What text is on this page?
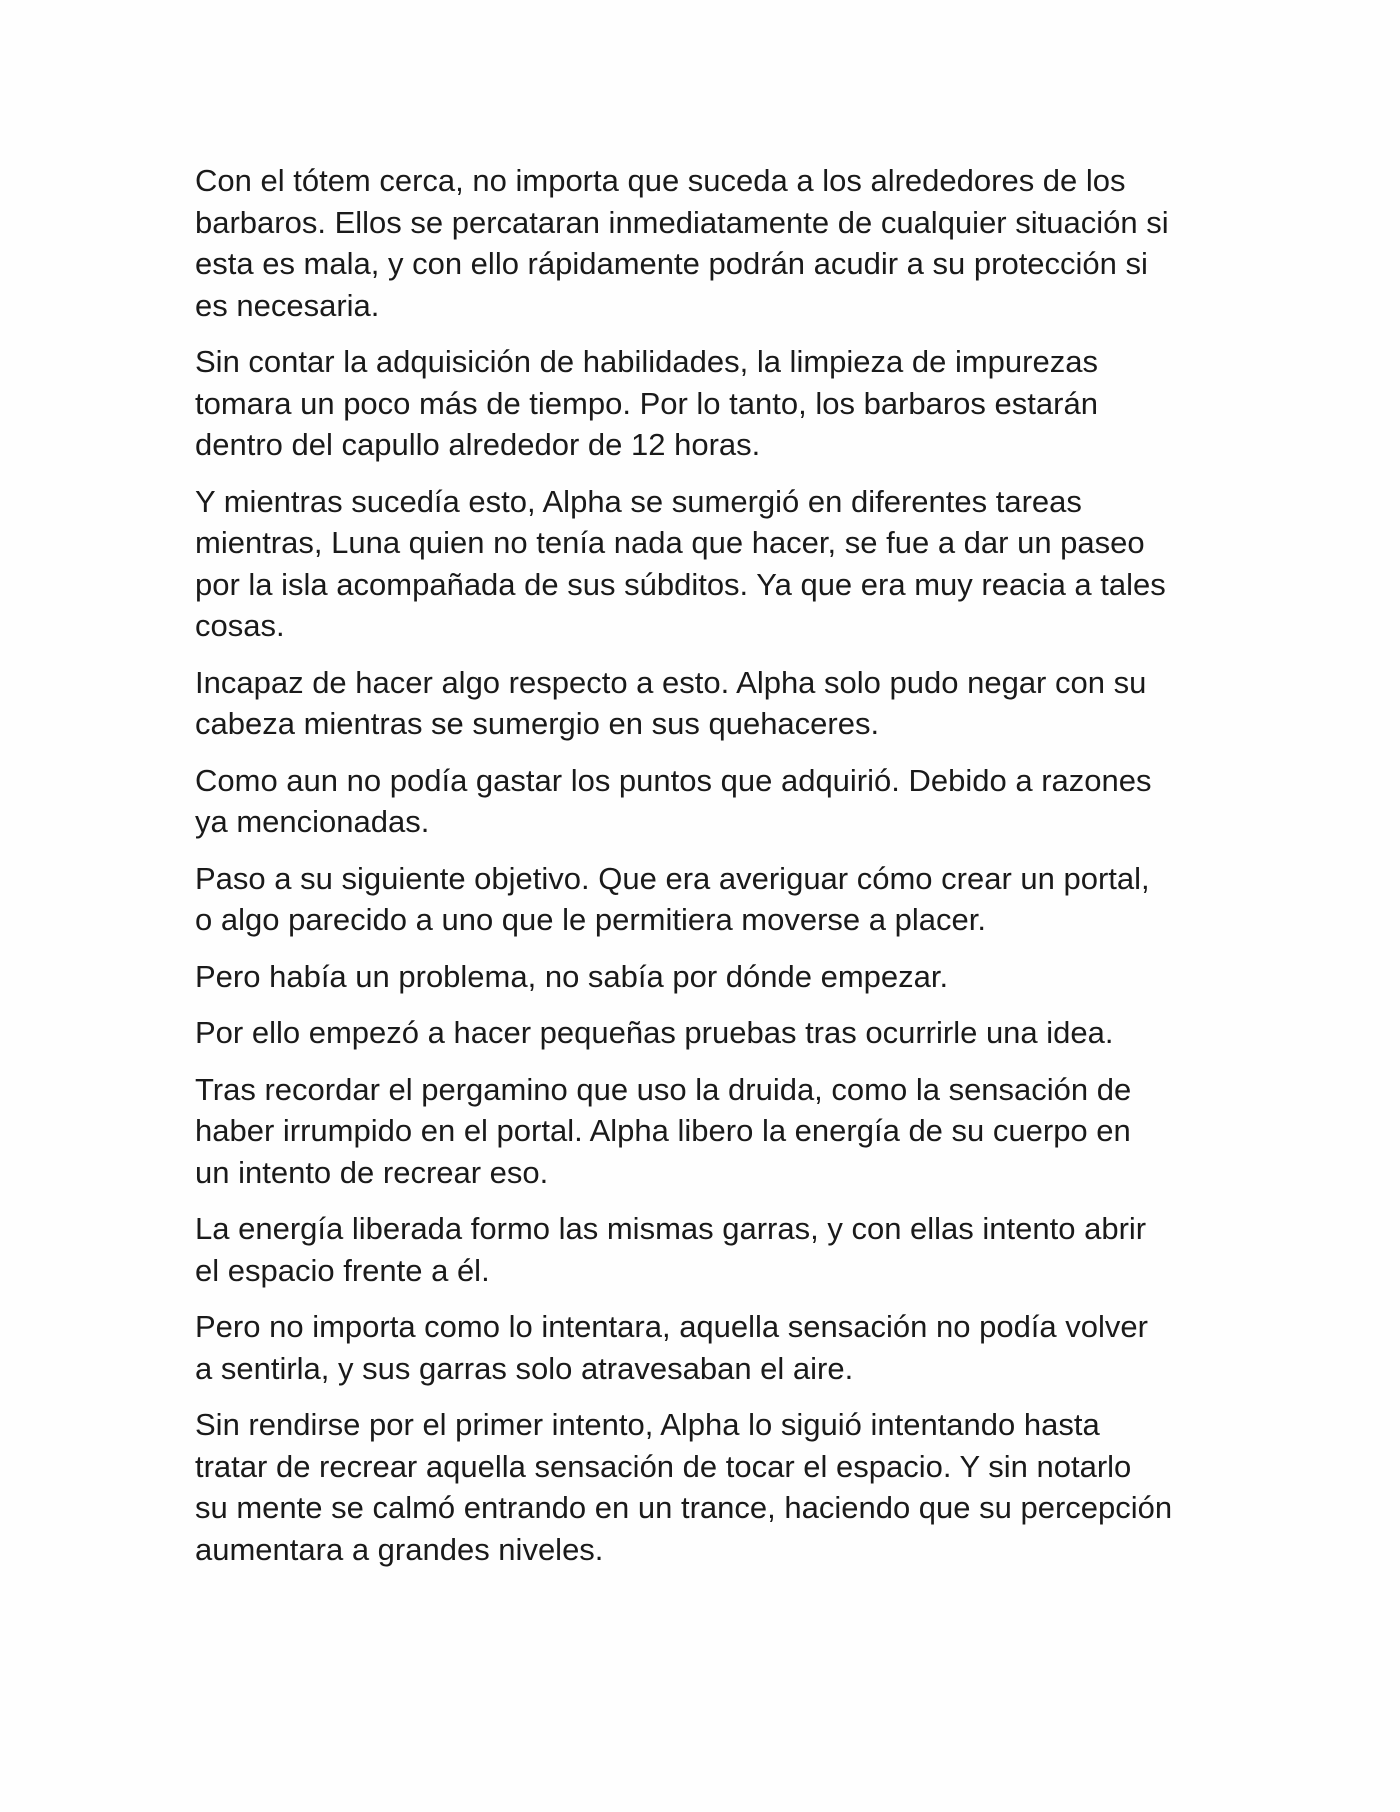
Con el tótem cerca, no importa que suceda a los alrededores de los
barbaros. Ellos se percataran inmediatamente de cualquier situación si
esta es mala, y con ello rápidamente podrán acudir a su protección si
es necesaria.

Sin contar la adquisición de habilidades, la limpieza de impurezas
tomara un poco más de tiempo. Por lo tanto, los barbaros estarán
dentro del capullo alrededor de 12 horas.

Y mientras sucedía esto, Alpha se sumergió en diferentes tareas
mientras, Luna quien no tenía nada que hacer, se fue a dar un paseo
por la isla acompañada de sus súbditos. Ya que era muy reacia a tales
cosas.

Incapaz de hacer algo respecto a esto. Alpha solo pudo negar con su
cabeza mientras se sumergio en sus quehaceres.

Como aun no podía gastar los puntos que adquirió. Debido a razones
ya mencionadas.

Paso a su siguiente objetivo. Que era averiguar cómo crear un portal,
o algo parecido a uno que le permitiera moverse a placer.

Pero había un problema, no sabía por dónde empezar.

Por ello empezó a hacer pequeñas pruebas tras ocurrirle una idea.

Tras recordar el pergamino que uso la druida, como la sensación de
haber irrumpido en el portal. Alpha libero la energía de su cuerpo en
un intento de recrear eso.

La energía liberada formo las mismas garras, y con ellas intento abrir
el espacio frente a él.

Pero no importa como lo intentara, aquella sensación no podía volver
a sentirla, y sus garras solo atravesaban el aire.

Sin rendirse por el primer intento, Alpha lo siguió intentando hasta
tratar de recrear aquella sensación de tocar el espacio. Y sin notarlo
su mente se calmó entrando en un trance, haciendo que su percepción
aumentara a grandes niveles.
